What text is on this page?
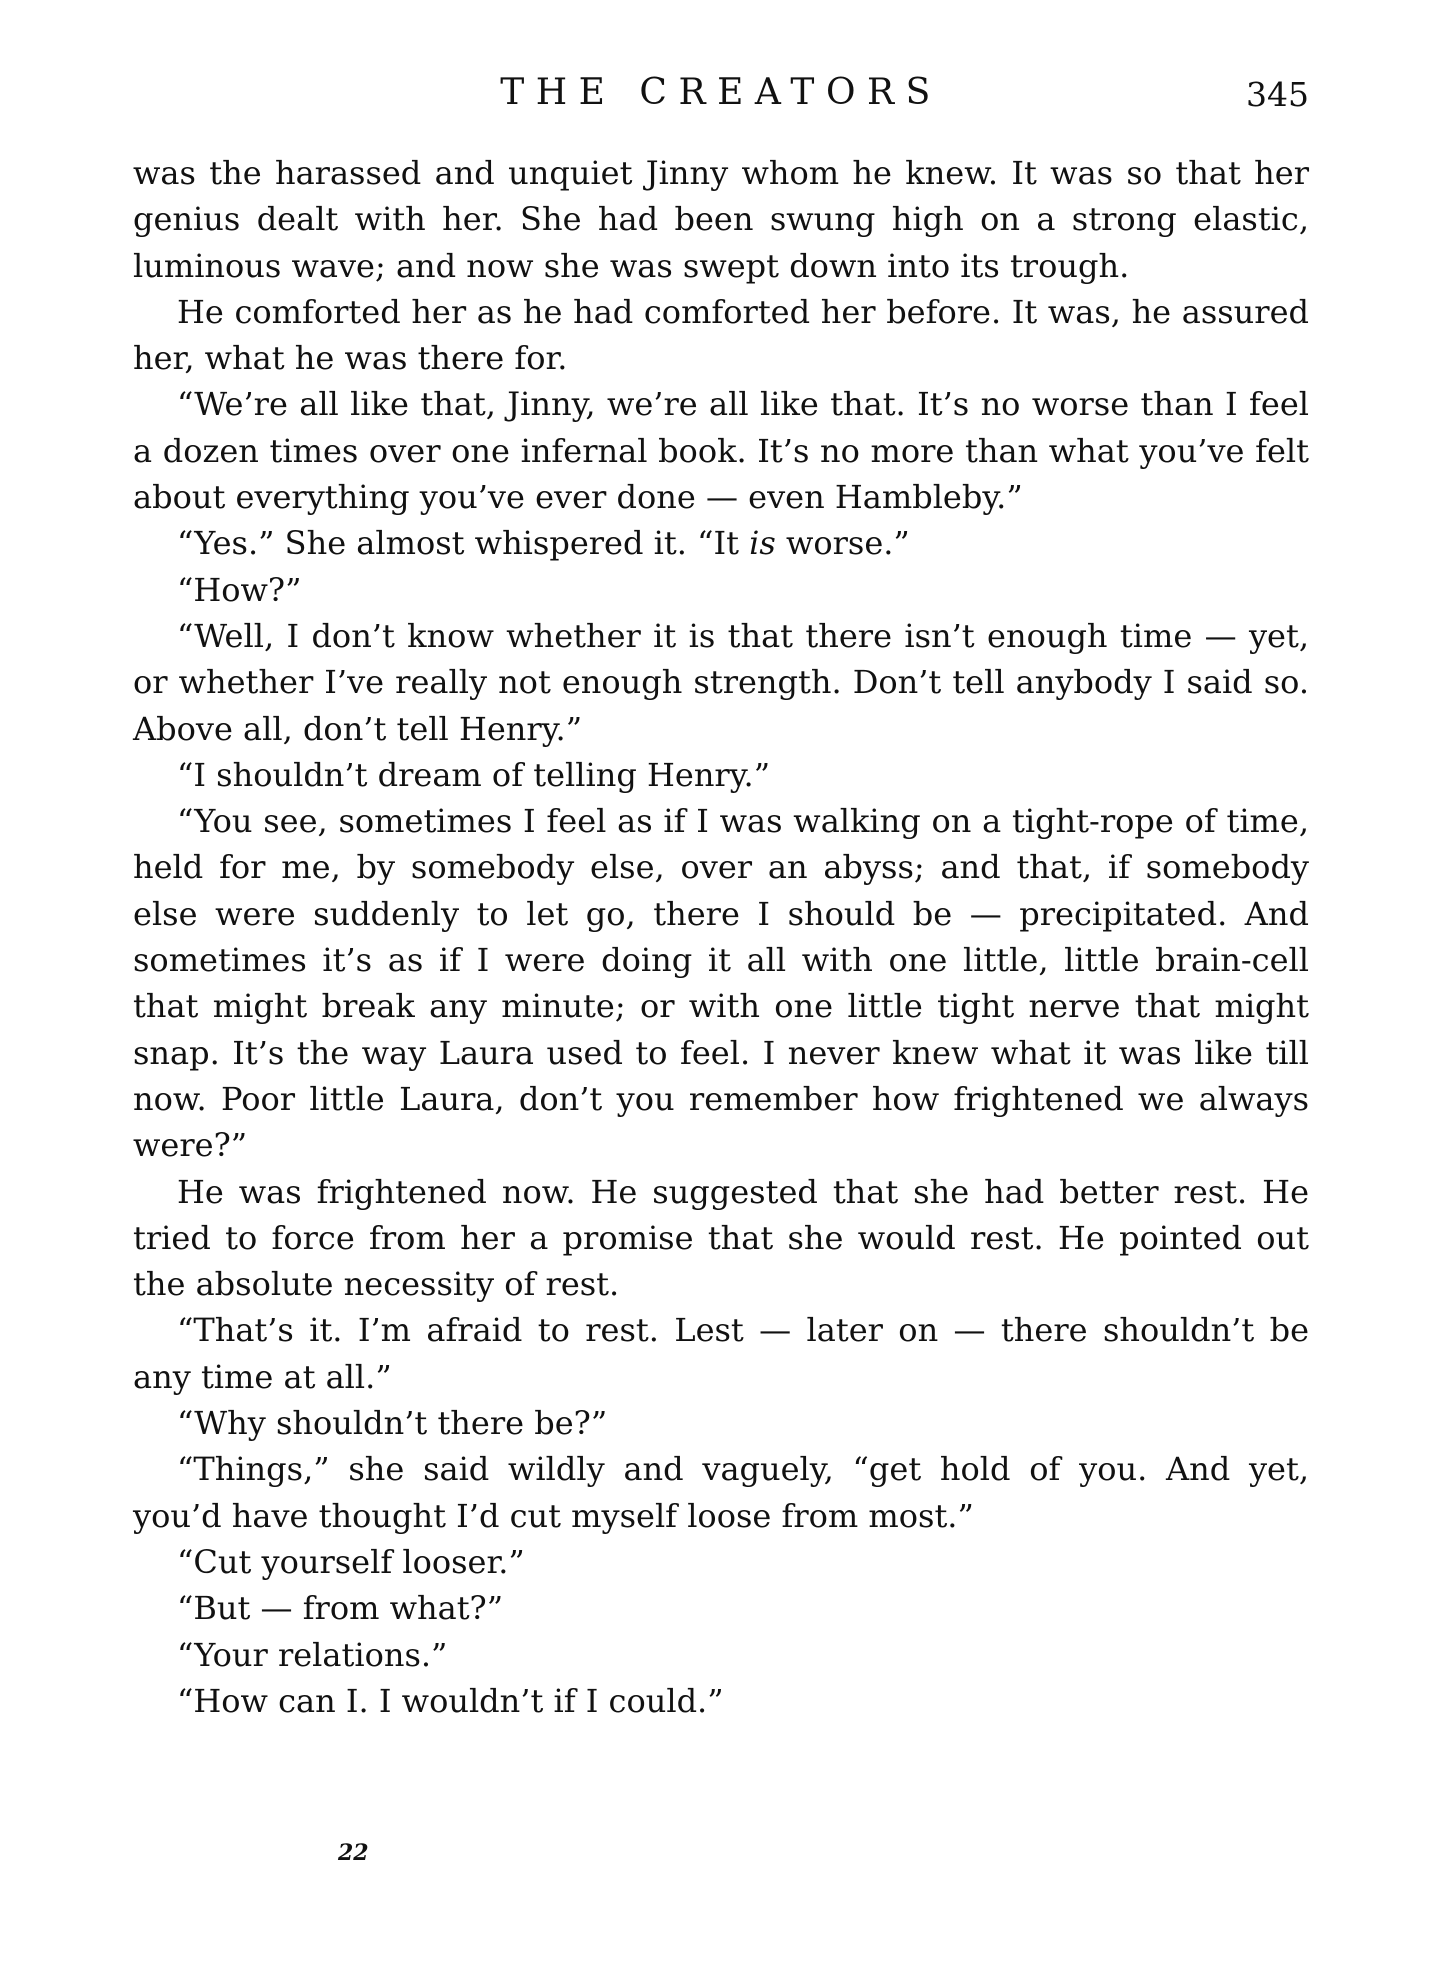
THE CREATORS	345

was the harassed and unquiet Jinny whom he knew. It was so that her genius dealt with her. She had been swung high on a strong elastic, luminous wave; and now she was swept down into its trough.

He comforted her as he had comforted her before. It was, he assured her, what he was there for.

“We’re all like that, Jinny, we’re all like that. It’s no worse than I feel a dozen times over one infernal book. It’s no more than what you’ve felt about everything you’ve ever done — even Hambleby.”

“Yes.” She almost whispered it. “It is worse.”

“How?”

“Well, I don’t know whether it is that there isn’t enough time — yet, or whether I’ve really not enough strength. Don’t tell anybody I said so. Above all, don’t tell Henry.”

“I shouldn’t dream of telling Henry.”

“You see, sometimes I feel as if I was walking on a tight-rope of time, held for me, by somebody else, over an abyss; and that, if somebody else were suddenly to let go, there I should be — precipitated. And sometimes it’s as if I were doing it all with one little, little brain-cell that might break any minute; or with one little tight nerve that might snap. It’s the way Laura used to feel. I never knew what it was like till now. Poor little Laura, don’t you remember how frightened we always were?”

He was frightened now. He suggested that she had better rest. He tried to force from her a promise that she would rest. He pointed out the absolute necessity of rest.

“That’s it. I’m afraid to rest. Lest — later on — there shouldn’t be any time at all.”

“Why shouldn’t there be?”

“Things,” she said wildly and vaguely, “get hold of you. And yet, you’d have thought I’d cut myself loose from most.”

“Cut yourself looser.”

“But — from what?”

“Your relations.”

“How can I. I wouldn’t if I could.”

22
